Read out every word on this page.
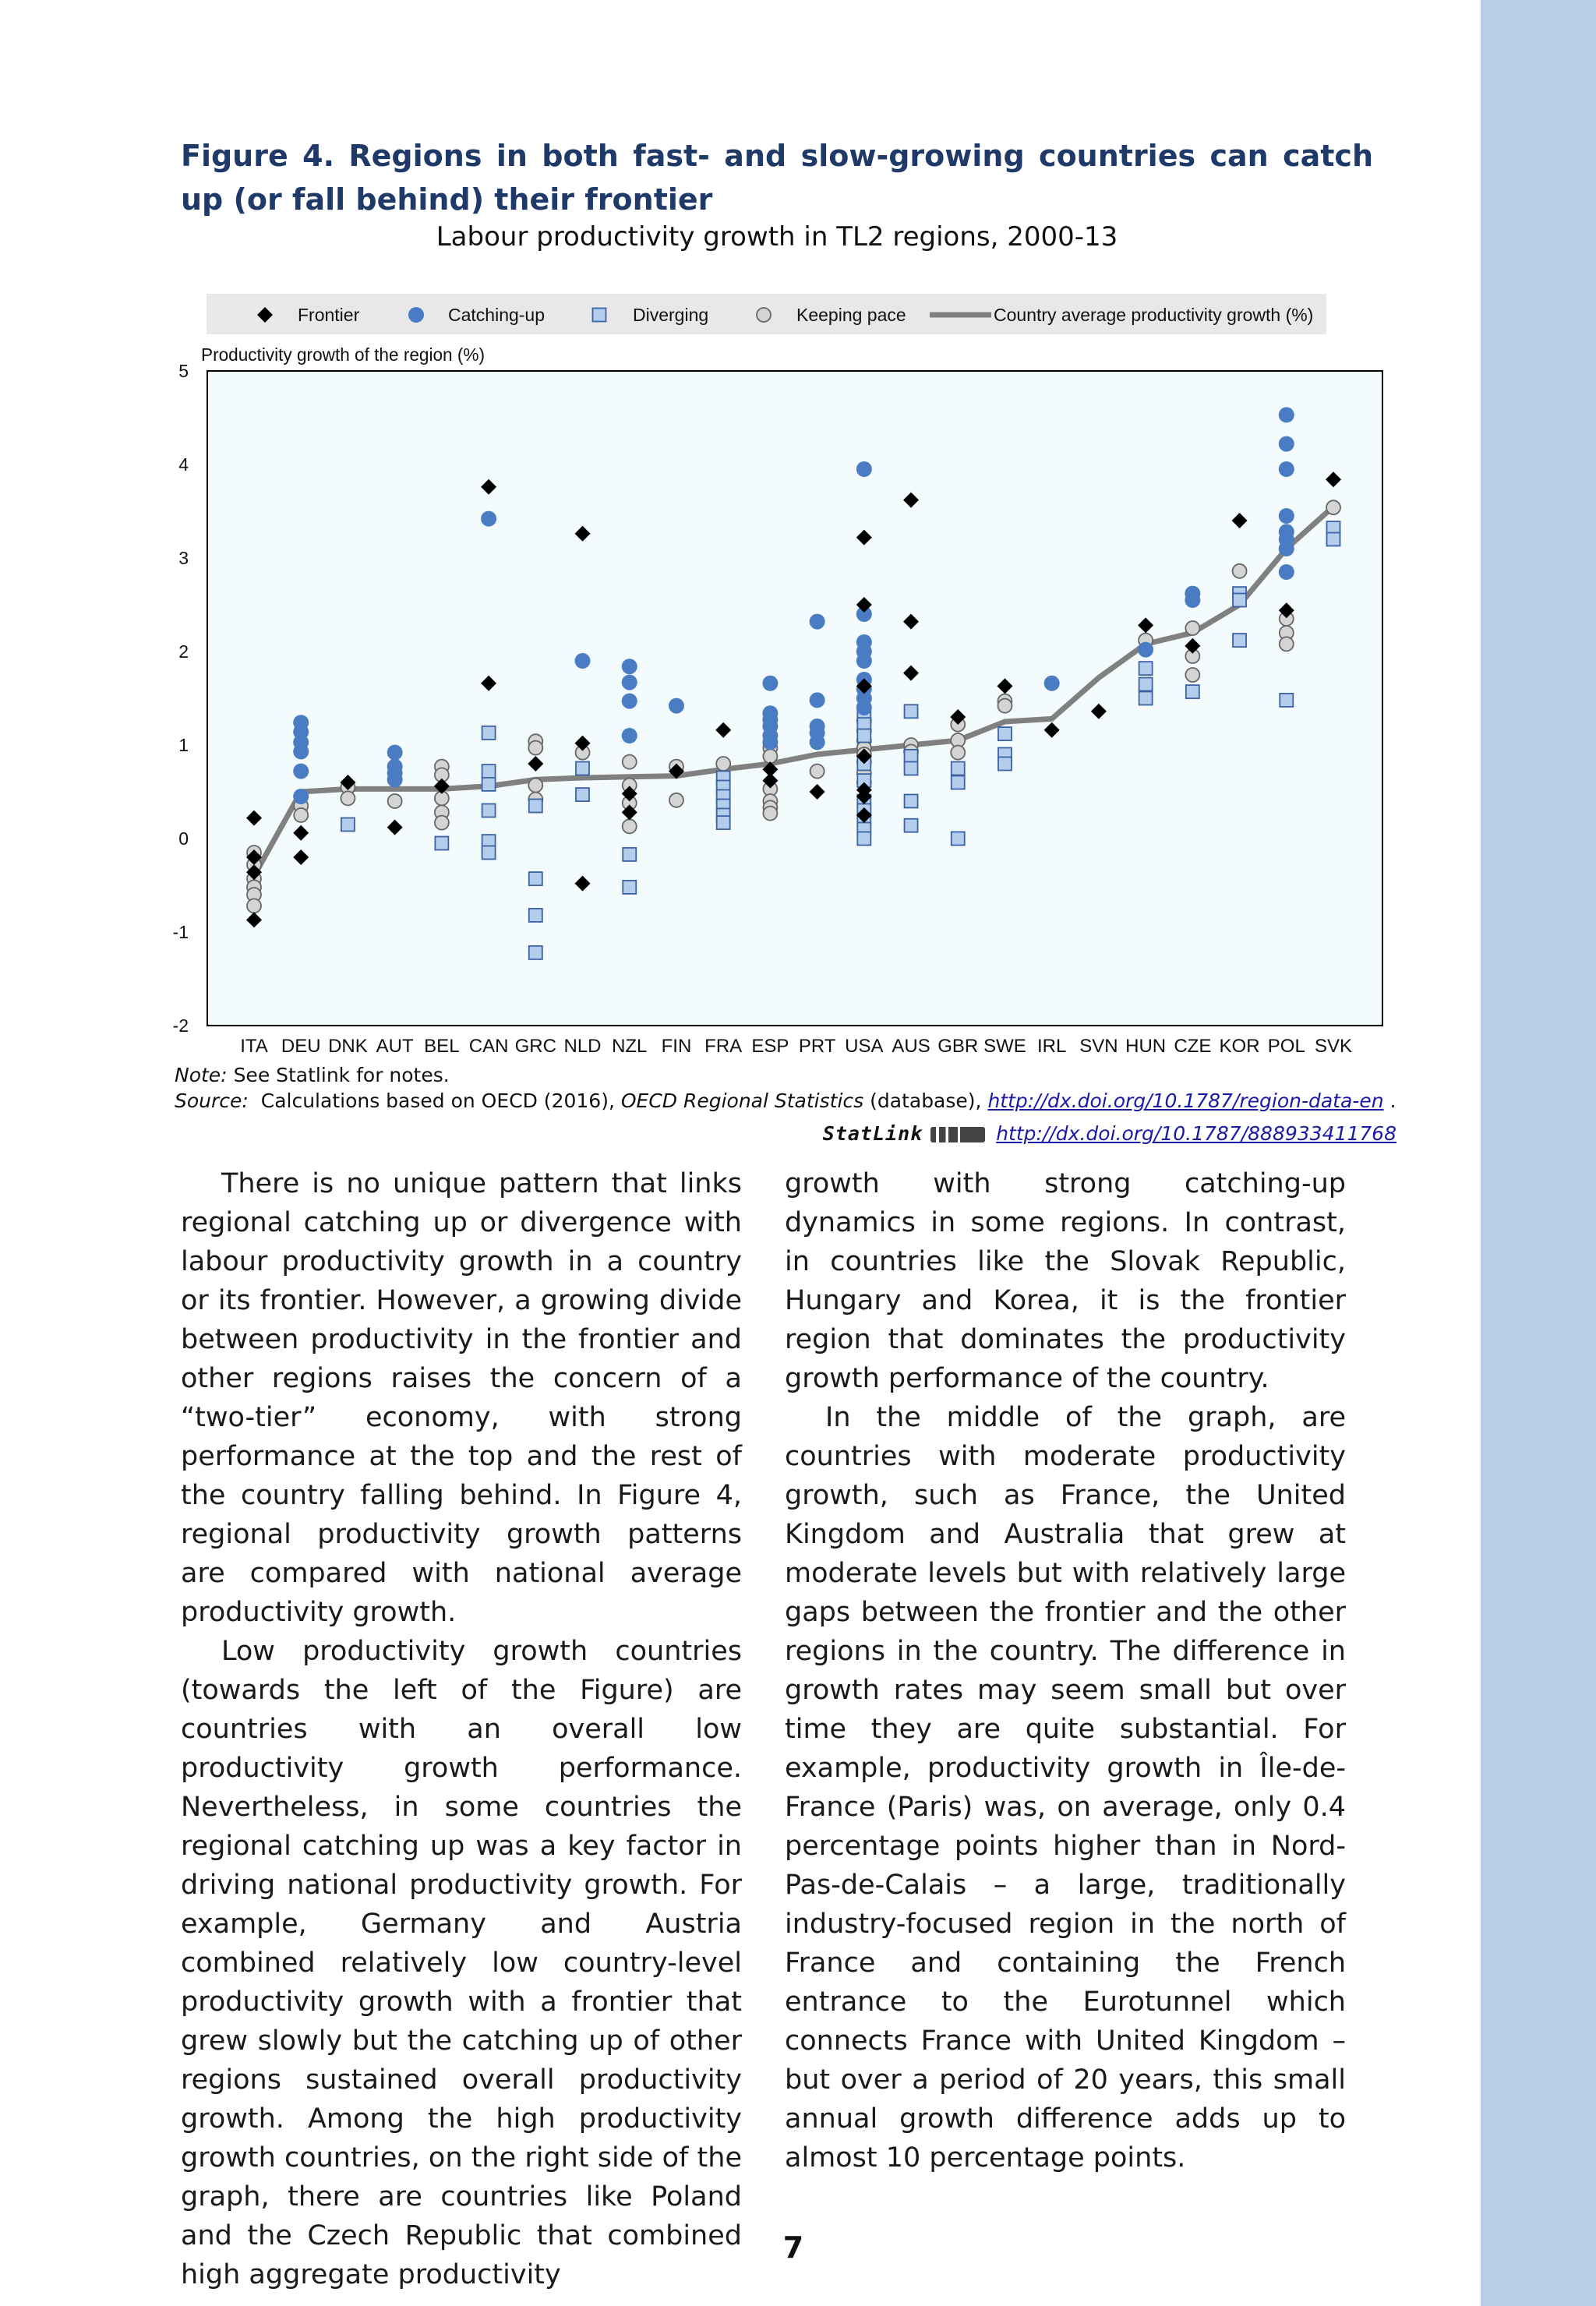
Figure 4. Regions in both fast- and slow-growing countries can catch up (or fall behind) their frontier
Labour productivity growth in TL2 regions, 2000-13
Frontier	Catching-up	Diverging	Keeping pace	Country average productivity growth (%)
Productivity growth of the region (%)
-2
-1
0
1
2
3
4
5
ITA DEU DNK AUT BEL CAN GRC NLD NZL FIN FRA ESP PRT USA AUS GBR SWE IRL SVN HUN CZE KOR POL SVK
Note: See Statlink for notes.
Source: Calculations based on OECD (2016), OECD Regional Statistics (database), http://dx.doi.org/10.1787/region-data-en .
StatLink	http://dx.doi.org/10.1787/888933411768

There is no unique pattern that links regional catching up or divergence with labour productivity growth in a country or its frontier. However, a growing divide between productivity in the frontier and other regions raises the concern of a “two-tier” economy, with strong performance at the top and the rest of the country falling behind. In Figure 4, regional productivity growth patterns are compared with national average productivity growth.

Low productivity growth countries (towards the left of the Figure) are countries with an overall low productivity growth performance. Nevertheless, in some countries the regional catching up was a key factor in driving national productivity growth. For example, Germany and Austria combined relatively low country-level productivity growth with a frontier that grew slowly but the catching up of other regions sustained overall productivity growth. Among the high productivity growth countries, on the right side of the graph, there are countries like Poland and the Czech Republic that combined high aggregate productivity

growth with strong catching-up dynamics in some regions. In contrast, in countries like the Slovak Republic, Hungary and Korea, it is the frontier region that dominates the productivity growth performance of the country.

In the middle of the graph, are countries with moderate productivity growth, such as France, the United Kingdom and Australia that grew at moderate levels but with relatively large gaps between the frontier and the other regions in the country. The difference in growth rates may seem small but over time they are quite substantial. For example, productivity growth in Île-de-France (Paris) was, on average, only 0.4 percentage points higher than in Nord-Pas-de-Calais – a large, traditionally industry-focused region in the north of France and containing the French entrance to the Eurotunnel which connects France with United Kingdom – but over a period of 20 years, this small annual growth difference adds up to almost 10 percentage points.

7
